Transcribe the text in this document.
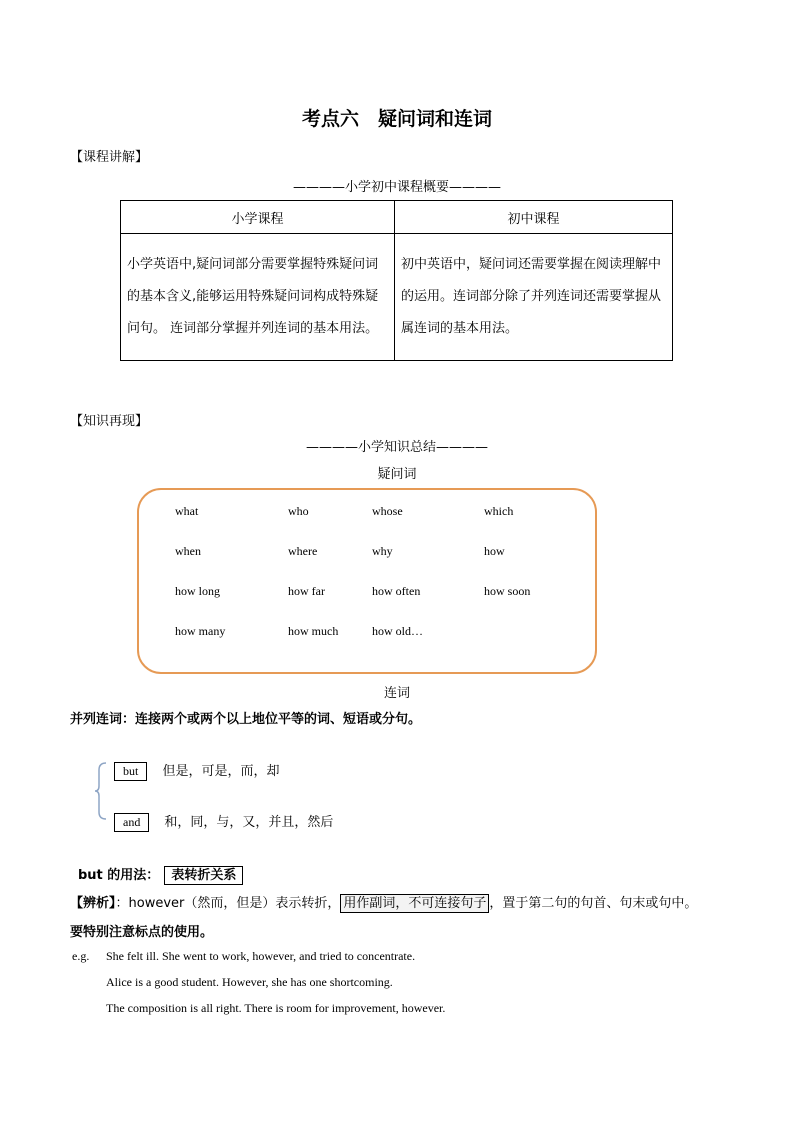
考点六　疑问词和连词
【课程讲解】
————小学初中课程概要————
小学课程	初中课程
小学英语中,疑问词部分需要掌握特殊疑问词的基本含义,能够运用特殊疑问词构成特殊疑问句。 连词部分掌握并列连词的基本用法。	初中英语中，疑问词还需要掌握在阅读理解中的运用。连词部分除了并列连词还需要掌握从属连词的基本用法。
【知识再现】
————小学知识总结————
疑问词
what	who	whose	which
when	where	why	how
how long	how far	how often	how soon
how many	how much	how old…
连词
并列连词：连接两个或两个以上地位平等的词、短语或分句。
but 但是，可是，而，却
and 和，同，与，又，并且，然后
but 的用法： 表转折关系
【辨析】：however（然而，但是）表示转折， 用作副词，不可连接句子 ，置于第二句的句首、句末或句中。
要特别注意标点的使用。
e.g. She felt ill. She went to work, however, and tried to concentrate.
Alice is a good student. However, she has one shortcoming.
The composition is all right. There is room for improvement, however.
